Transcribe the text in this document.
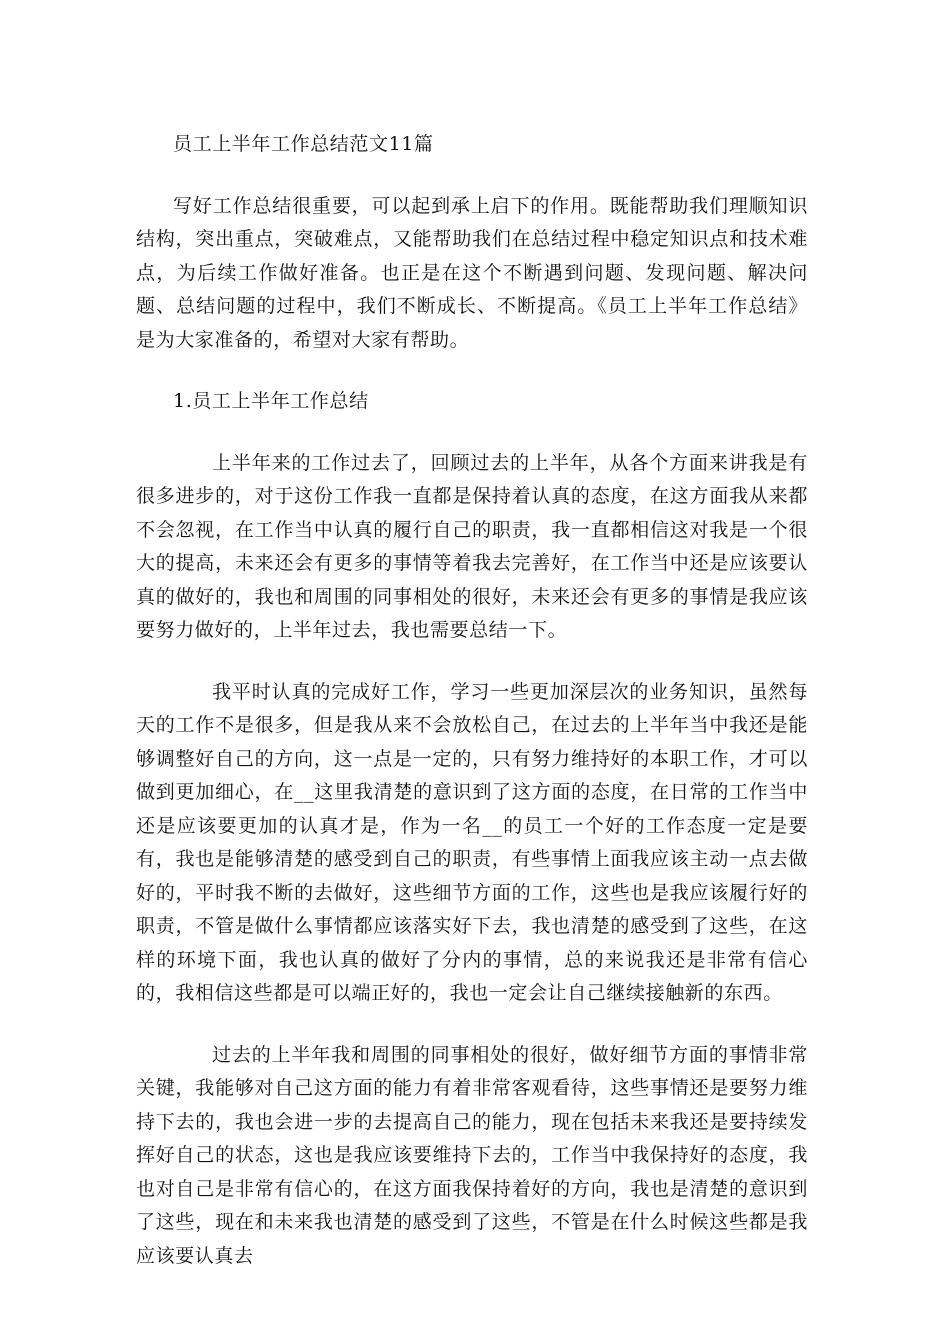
员工上半年工作总结范文11篇

写好工作总结很重要，可以起到承上启下的作用。既能帮助我们理顺知识结构，突出重点，突破难点，又能帮助我们在总结过程中稳定知识点和技术难点，为后续工作做好准备。也正是在这个不断遇到问题、发现问题、解决问题、总结问题的过程中，我们不断成长、不断提高。《员工上半年工作总结》是为大家准备的，希望对大家有帮助。

1.员工上半年工作总结

上半年来的工作过去了，回顾过去的上半年，从各个方面来讲我是有很多进步的，对于这份工作我一直都是保持着认真的态度，在这方面我从来都不会忽视，在工作当中认真的履行自己的职责，我一直都相信这对我是一个很大的提高，未来还会有更多的事情等着我去完善好，在工作当中还是应该要认真的做好的，我也和周围的同事相处的很好，未来还会有更多的事情是我应该要努力做好的，上半年过去，我也需要总结一下。

我平时认真的完成好工作，学习一些更加深层次的业务知识，虽然每天的工作不是很多，但是我从来不会放松自己，在过去的上半年当中我还是能够调整好自己的方向，这一点是一定的，只有努力维持好的本职工作，才可以做到更加细心，在__这里我清楚的意识到了这方面的态度，在日常的工作当中还是应该要更加的认真才是，作为一名__的员工一个好的工作态度一定是要有，我也是能够清楚的感受到自己的职责，有些事情上面我应该主动一点去做好的，平时我不断的去做好，这些细节方面的工作，这些也是我应该履行好的职责，不管是做什么事情都应该落实好下去，我也清楚的感受到了这些，在这样的环境下面，我也认真的做好了分内的事情，总的来说我还是非常有信心的，我相信这些都是可以端正好的，我也一定会让自己继续接触新的东西。

过去的上半年我和周围的同事相处的很好，做好细节方面的事情非常关键，我能够对自己这方面的能力有着非常客观看待，这些事情还是要努力维持下去的，我也会进一步的去提高自己的能力，现在包括未来我还是要持续发挥好自己的状态，这也是我应该要维持下去的，工作当中我保持好的态度，我也对自己是非常有信心的，在这方面我保持着好的方向，我也是清楚的意识到了这些，现在和未来我也清楚的感受到了这些，不管是在什么时候这些都是我应该要认真去
